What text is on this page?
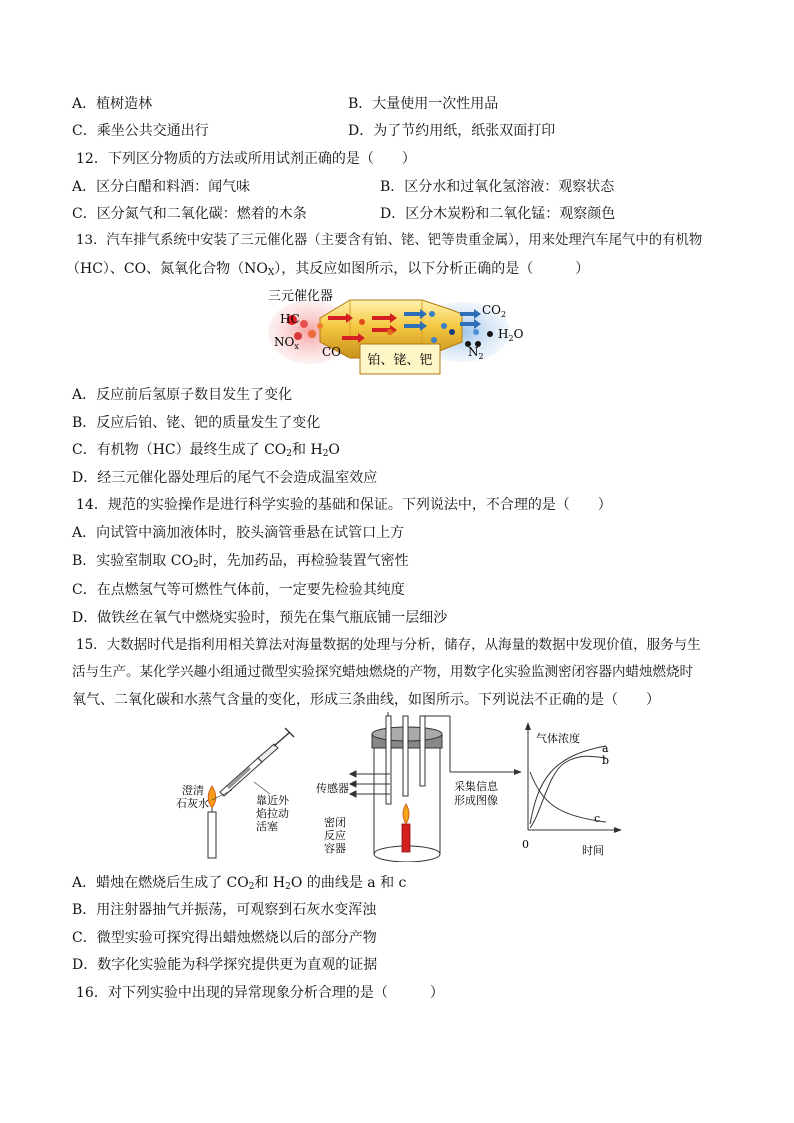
A．植树造林	B．大量使用一次性用品
C．乘坐公共交通出行	D．为了节约用纸，纸张双面打印
12．下列区分物质的方法或所用试剂正确的是（　　）
A．区分白醋和料酒：闻气味	B．区分水和过氧化氢溶液：观察状态
C．区分氮气和二氧化碳：燃着的木条	D．区分木炭粉和二氧化锰：观察颜色
13．汽车排气系统中安装了三元催化器（主要含有铂、铑、钯等贵重金属），用来处理汽车尾气中的有机物
（HC）、CO、氮氧化合物$(NO_X)$，其反应如图所示，以下分析正确的是（　　　）
铂、铑、钯
三元催化器
HC
$NO_x$ CO
$CO_2$
$H_2O$
$N_2$
A．反应前后氢原子数目发生了变化
B．反应后铂、铑、钯的质量发生了变化
C．有机物（HC）最终生成了 $CO_2$和 $H_2O$
D．经三元催化器处理后的尾气不会造成温室效应
14．规范的实验操作是进行科学实验的基础和保证。下列说法中，不合理的是（　　）
A．向试管中滴加液体时，胶头滴管垂悬在试管口上方
B．实验室制取 $CO_2$时，先加药品，再检验装置气密性
C．在点燃氢气等可燃性气体前，一定要先检验其纯度
D．做铁丝在氧气中燃烧实验时，预先在集气瓶底铺一层细沙
15．大数据时代是指利用相关算法对海量数据的处理与分析，储存，从海量的数据中发现价值，服务与生
活与生产。某化学兴趣小组通过微型实验探究蜡烛燃烧的产物，用数字化实验监测密闭容器内蜡烛燃烧时
氧气、二氧化碳和水蒸气含量的变化，形成三条曲线，如图所示。下列说法不正确的是（　　）
澄清
石灰水	靠近外
焰拉动
活塞
传感器
密闭
反应
容器
采集信息
形成图像
气体浓度
时间
0
a
b
c
A．蜡烛在燃烧后生成了 $CO_2$和 $H_2O$ 的曲线是 a 和 c
B．用注射器抽气并振荡，可观察到石灰水变浑浊
C．微型实验可探究得出蜡烛燃烧以后的部分产物
D．数字化实验能为科学探究提供更为直观的证据
16．对下列实验中出现的异常现象分析合理的是（　　　）
